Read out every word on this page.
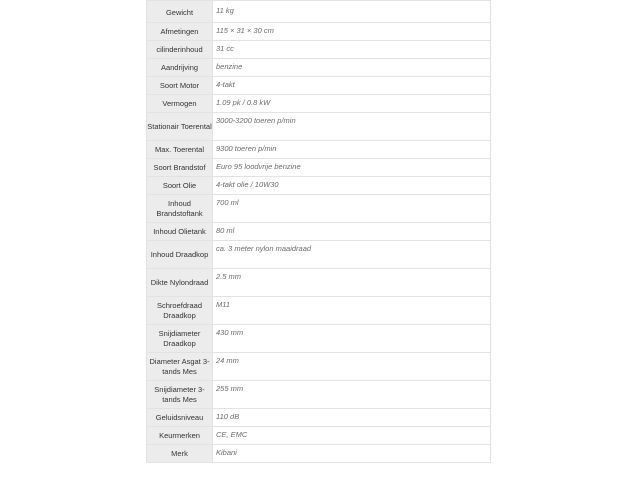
Gewicht	11 kg
Afmetingen	115 × 31 × 30 cm
cilinderinhoud	31 cc
Aandrijving	benzine
Soort Motor	4-takt
Vermogen	1.09 pk / 0.8 kW
Stationair Toerental	3000-3200 toeren p/min
Max. Toerental	9300 toeren p/min
Soort Brandstof	Euro 95 loodvrije benzine
Soort Olie	4-takt olie / 10W30
Inhoud Brandstoftank	700 ml
Inhoud Olietank	80 ml
Inhoud Draadkop	ca. 3 meter nylon maaidraad
Dikte Nylondraad	2.5 mm
Schroefdraad Draadkop	M11
Snijdiameter Draadkop	430 mm
Diameter Asgat 3-tands Mes	24 mm
Snijdiameter 3-tands Mes	255 mm
Geluidsniveau	110 dB
Keurmerken	CE, EMC
Merk	Kibani
